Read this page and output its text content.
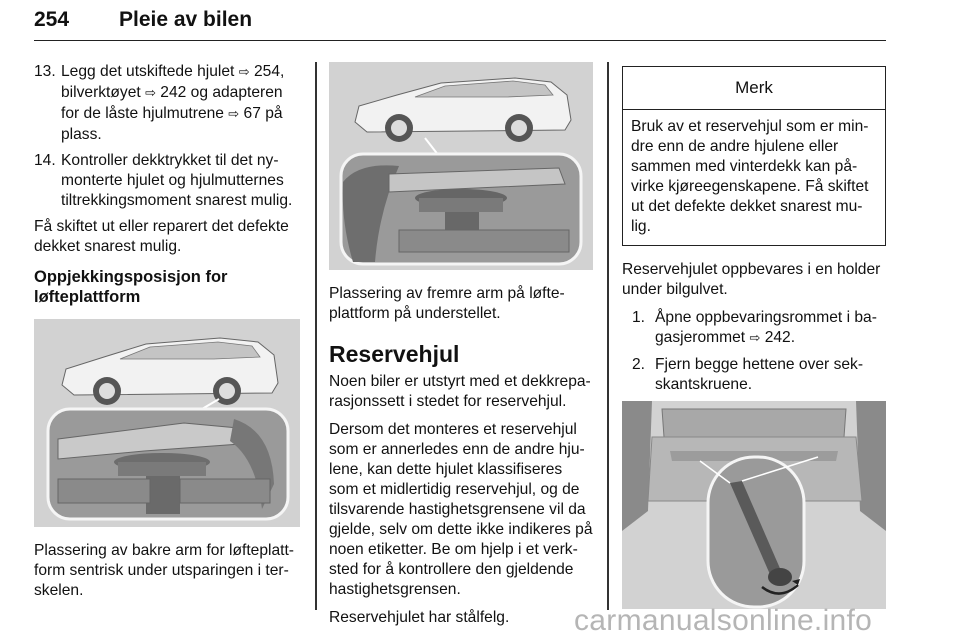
254 Pleie av bilen
13. Legg det utskiftede hjulet ⇨ 254, bilverktøyet ⇨ 242 og adapteren for de låste hjulmutrene ⇨ 67 på plass.
14. Kontroller dekktrykket til det ny-monterte hjulet og hjulmutternes tiltrekkingsmoment snarest mulig.

Få skiftet ut eller reparert det defekte dekket snarest mulig.

Oppjekkingsposisjon for løfteplattform

Plassering av bakre arm for løfteplatt-form sentrisk under utsparingen i ter-skelen.

Plassering av fremre arm på løfte-plattform på understellet.

Reservehjul

Noen biler er utstyrt med et dekkrepa-rasjonssett i stedet for reservehjul.

Dersom det monteres et reservehjul som er annerledes enn de andre hju-lene, kan dette hjulet klassifiseres som et midlertidig reservehjul, og de tilsvarende hastighetsgrensene vil da gjelde, selv om dette ikke indikeres på noen etiketter. Be om hjelp i et verk-sted for å kontrollere den gjeldende hastighetsgrensen.

Reservehjulet har stålfelg.

Merk
Bruk av et reservehjul som er min-dre enn de andre hjulene eller sammen med vinterdekk kan på-virke kjøreegenskapene. Få skiftet ut det defekte dekket snarest mu-lig.

Reservehjulet oppbevares i en holder under bilgulvet.

1. Åpne oppbevaringsrommet i ba-gasjerommet ⇨ 242.
2. Fjern begge hettene over sek-skantskruene.
carmanualsonline.info
